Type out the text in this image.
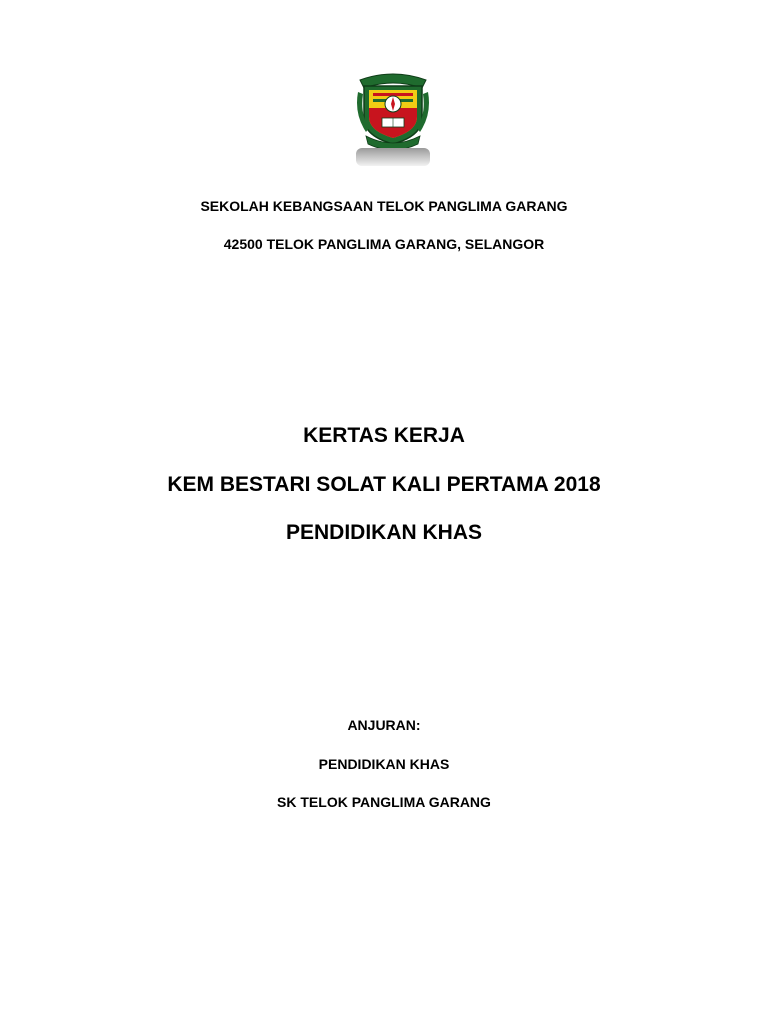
SEKOLAH KEBANGSAAN TELOK PANGLIMA GARANG
42500 TELOK PANGLIMA GARANG, SELANGOR
KERTAS KERJA
KEM BESTARI SOLAT KALI PERTAMA 2018
PENDIDIKAN KHAS
ANJURAN:
PENDIDIKAN KHAS
SK TELOK PANGLIMA GARANG
